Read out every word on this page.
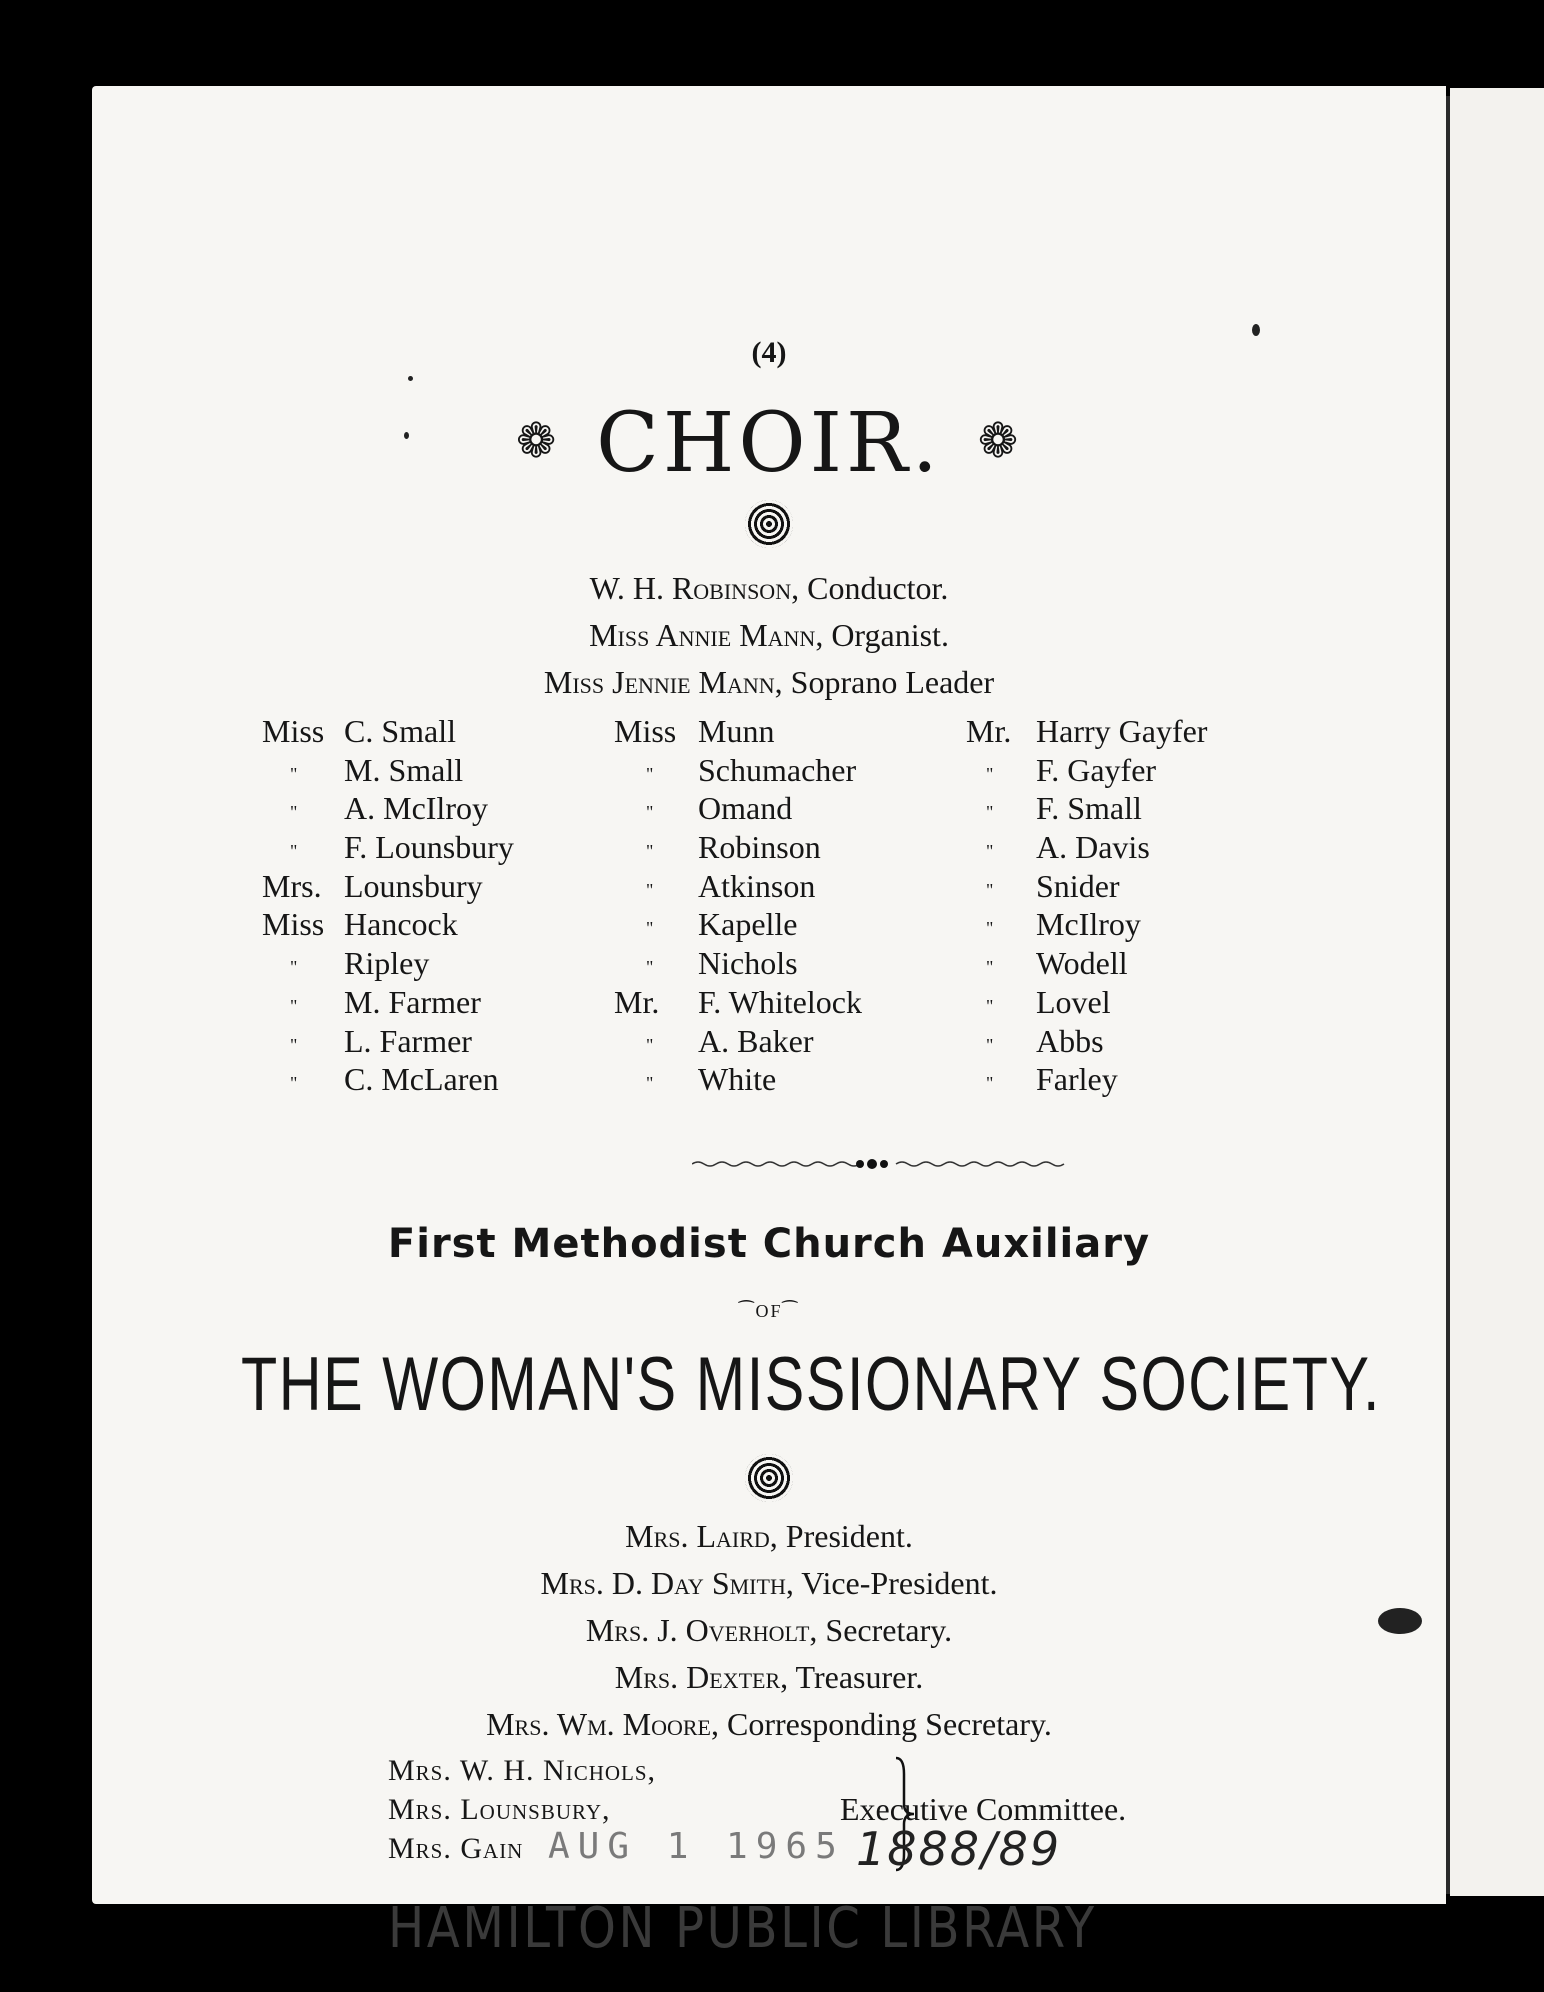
(4)
❁ CHOIR. ❁
W. H. Robinson, Conductor.
Miss Annie Mann, Organist.
Miss Jennie Mann, Soprano Leader
Miss C. Small
" M. Small
" A. McIlroy
" F. Lounsbury
Mrs. Lounsbury
Miss Hancock
" Ripley
" M. Farmer
" L. Farmer
" C. McLaren
Miss Munn
" Schumacher
" Omand
" Robinson
" Atkinson
" Kapelle
" Nichols
Mr. F. Whitelock
" A. Baker
" White
Mr. Harry Gayfer
" F. Gayfer
" F. Small
" A. Davis
" Snider
" McIlroy
" Wodell
" Lovel
" Abbs
" Farley
First Methodist Church Auxiliary
⁀OF⁀
THE WOMAN'S MISSIONARY SOCIETY.
Mrs. Laird, President.
Mrs. D. Day Smith, Vice-President.
Mrs. J. Overholt, Secretary.
Mrs. Dexter, Treasurer.
Mrs. Wm. Moore, Corresponding Secretary.
Mrs. W. H. Nichols,
Mrs. Lounsbury,
Mrs. Gain
Executive Committee.
AUG 1 1965 1888/89
HAMILTON PUBLIC LIBRARY
